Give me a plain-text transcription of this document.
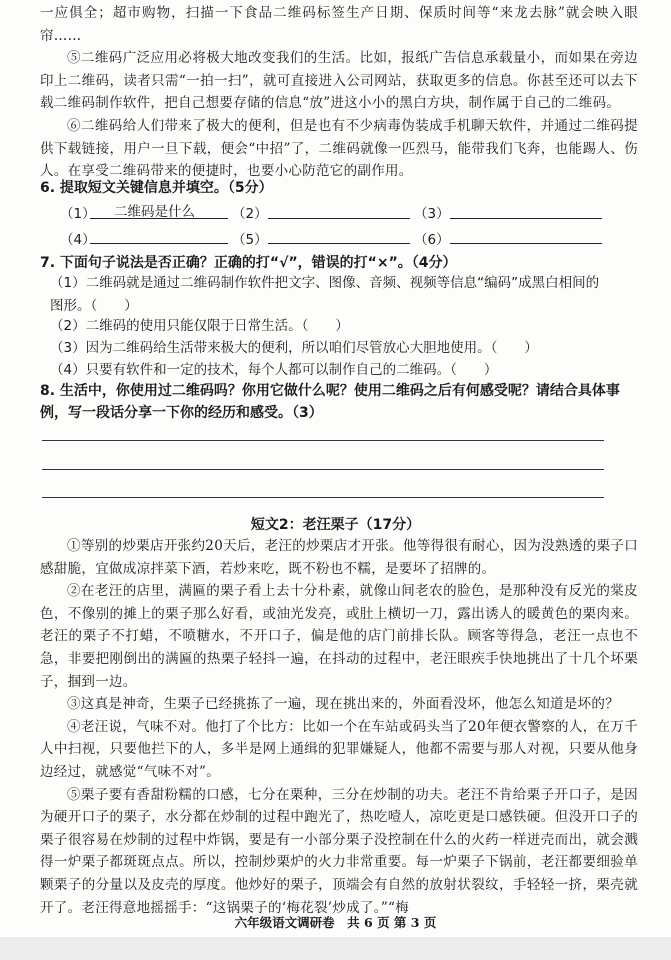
一应俱全；超市购物，扫描一下食品二维码标签生产日期、保质时间等“来龙去脉”就会映入眼帘……

⑤二维码广泛应用必将极大地改变我们的生活。比如，报纸广告信息承载量小，而如果在旁边印上二维码，读者只需“一拍一扫”，就可直接进入公司网站，获取更多的信息。你甚至还可以去下载二维码制作软件，把自己想要存储的信息“放”进这小小的黑白方块，制作属于自己的二维码。

⑥二维码给人们带来了极大的便利，但是也有不少病毒伪装成手机聊天软件，并通过二维码提供下载链接，用户一旦下载，便会“中招”了，二维码就像一匹烈马，能带我们飞奔，也能踢人、伤人。在享受二维码带来的便捷时，也要小心防范它的副作用。

6. 提取短文关键信息并填空。（5分）
（1） 二维码是什么	（2）	（3）
（4）	（5）	（6）
7. 下面句子说法是否正确？正确的打“√”，错误的打“×”。（4分）
（1）二维码就是通过二维码制作软件把文字、图像、音频、视频等信息“编码”成黑白相间的图形。（　　）
（2）二维码的使用只能仅限于日常生活。（　　）
（3）因为二维码给生活带来极大的便利，所以咱们尽管放心大胆地使用。（　　）
（4）只要有软件和一定的技术，每个人都可以制作自己的二维码。（　　）
8. 生活中，你使用过二维码吗？你用它做什么呢？使用二维码之后有何感受呢？请结合具体事例，写一段话分享一下你的经历和感受。（3）
短文2：老汪栗子（17分）

①等别的炒栗店开张约20天后，老汪的炒栗店才开张。他等得很有耐心，因为没熟透的栗子口感甜脆，宜做成凉拌菜下酒，若炒来吃，既不粉也不糯，是要坏了招牌的。

②在老汪的店里，满匾的栗子看上去十分朴素，就像山间老农的脸色，是那种没有反光的棠皮色，不像别的摊上的栗子那么好看，或油光发亮，或肚上横切一刀，露出诱人的暖黄色的栗肉来。老汪的栗子不打蜡，不喷糖水，不开口子，偏是他的店门前排长队。顾客等得急，老汪一点也不急，非要把刚倒出的满匾的热栗子轻抖一遍，在抖动的过程中，老汪眼疾手快地挑出了十几个坏栗子，掴到一边。

③这真是神奇，生栗子已经挑拣了一遍，现在挑出来的，外面看没坏，他怎么知道是坏的？

④老汪说，气味不对。他打了个比方：比如一个在车站或码头当了20年便衣警察的人，在万千人中扫视，只要他拦下的人，多半是网上通缉的犯罪嫌疑人，他都不需要与那人对视，只要从他身边经过，就感觉“气味不对”。

⑤栗子要有香甜粉糯的口感，七分在栗种，三分在炒制的功夫。老汪不肯给栗子开口子，是因为硬开口子的栗子，水分都在炒制的过程中跑光了，热吃噎人，凉吃更是口感铁硬。但没开口子的栗子很容易在炒制的过程中炸锅，要是有一小部分栗子没控制在什么的火药一样迸壳而出，就会溅得一炉栗子都斑斑点点。所以，控制炒栗炉的火力非常重要。每一炉栗子下锅前，老汪都要细验单颗栗子的分量以及皮壳的厚度。他炒好的栗子，顶端会有自然的放射状裂纹，手轻轻一挤，栗壳就开了。老汪得意地摇摇手：“这锅栗子的‘梅花裂’炒成了。”“梅

六年级语文调研卷　共 6 页 第 3 页
